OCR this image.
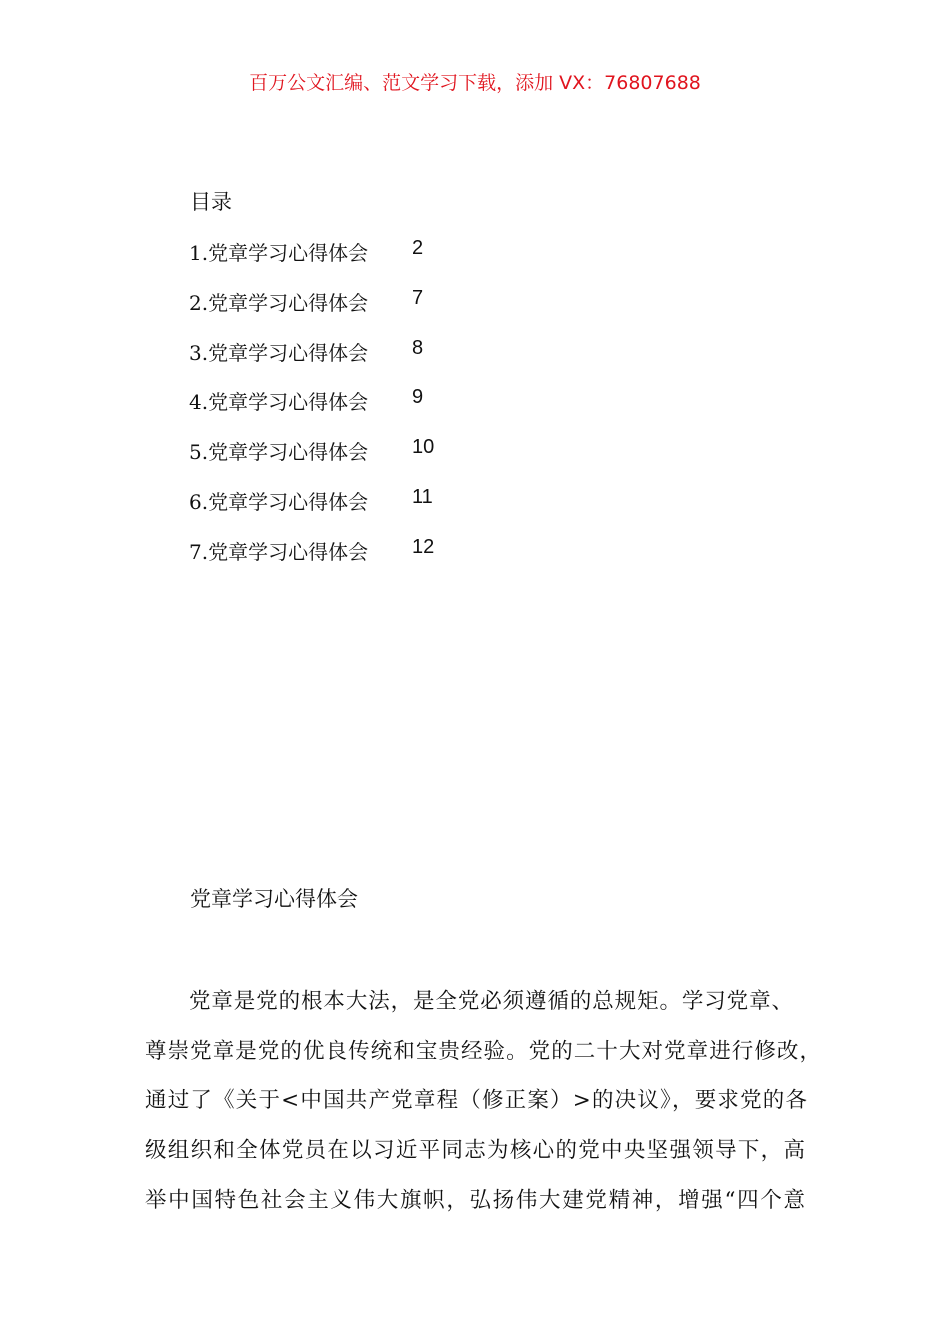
百万公文汇编、范文学习下载，添加 VX：76807688
目录
1.党章学习心得体会 2
2.党章学习心得体会 7
3.党章学习心得体会 8
4.党章学习心得体会 9
5.党章学习心得体会 10
6.党章学习心得体会 11
7.党章学习心得体会 12
党章学习心得体会
党章是党的根本大法，是全党必须遵循的总规矩。学习党章、
尊崇党章是党的优良传统和宝贵经验。党的二十大对党章进行修改，
通过了《关于<中国共产党章程（修正案）>的决议》，要求党的各
级组织和全体党员在以习近平同志为核心的党中央坚强领导下，高
举中国特色社会主义伟大旗帜，弘扬伟大建党精神，增强“四个意
